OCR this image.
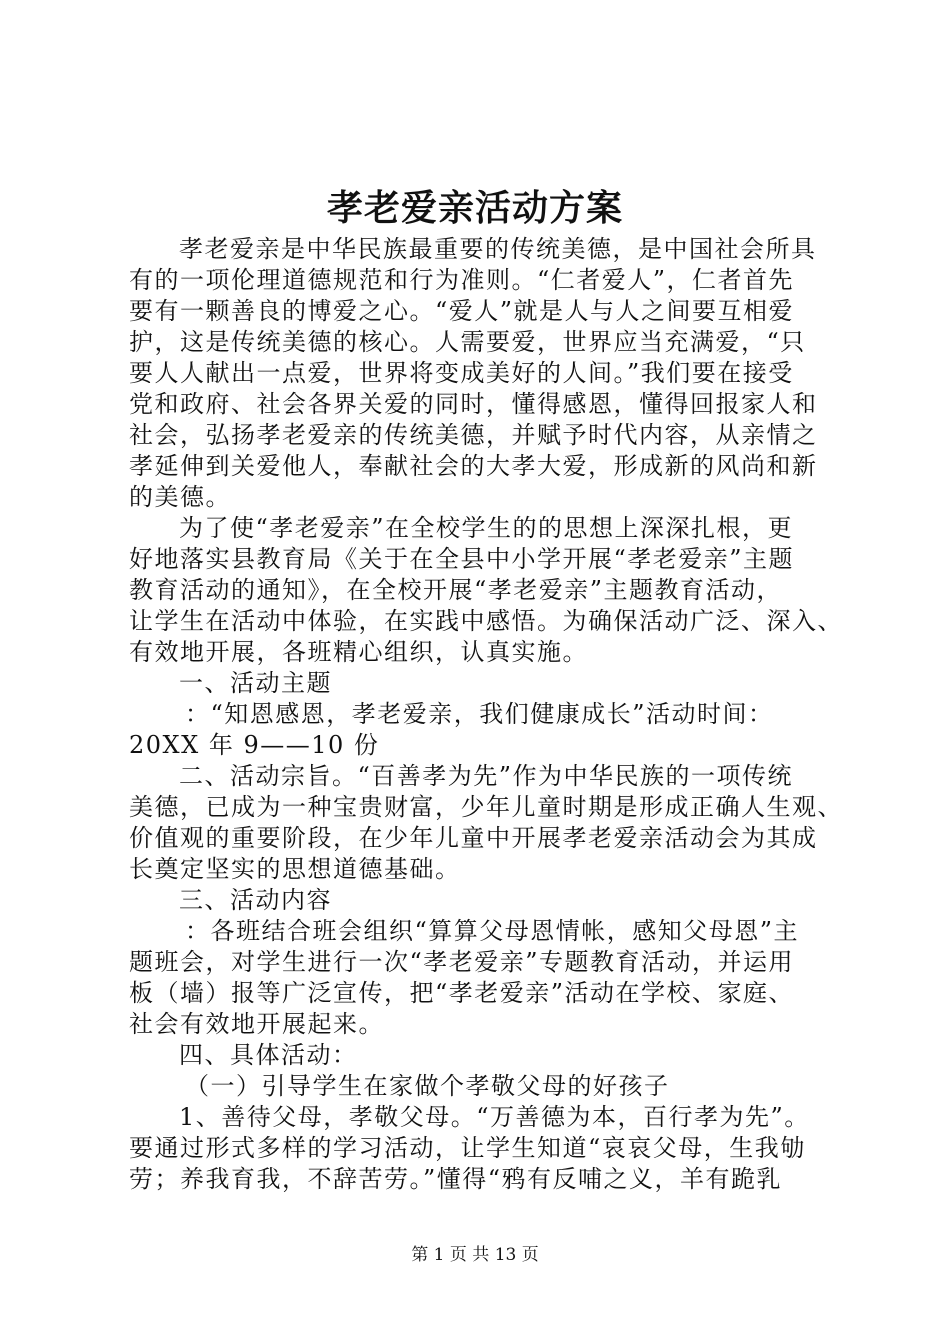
孝老爱亲活动方案
孝老爱亲是中华民族最重要的传统美德，是中国社会所具
有的一项伦理道德规范和行为准则。“仁者爱人”，仁者首先
要有一颗善良的博爱之心。“爱人”就是人与人之间要互相爱
护，这是传统美德的核心。人需要爱，世界应当充满爱，“只
要人人献出一点爱，世界将变成美好的人间。”我们要在接受
党和政府、社会各界关爱的同时，懂得感恩，懂得回报家人和
社会，弘扬孝老爱亲的传统美德，并赋予时代内容，从亲情之
孝延伸到关爱他人，奉献社会的大孝大爱，形成新的风尚和新
的美德。
为了使“孝老爱亲”在全校学生的的思想上深深扎根，更
好地落实县教育局《关于在全县中小学开展“孝老爱亲”主题
教育活动的通知》，在全校开展“孝老爱亲”主题教育活动，
让学生在活动中体验，在实践中感悟。为确保活动广泛、深入、
有效地开展，各班精心组织，认真实施。
一、活动主题
：“知恩感恩，孝老爱亲，我们健康成长”活动时间：
20XX 年 9——10 份
二、活动宗旨。“百善孝为先”作为中华民族的一项传统
美德，已成为一种宝贵财富，少年儿童时期是形成正确人生观、
价值观的重要阶段，在少年儿童中开展孝老爱亲活动会为其成
长奠定坚实的思想道德基础。
三、活动内容
：各班结合班会组织“算算父母恩情帐，感知父母恩”主
题班会，对学生进行一次“孝老爱亲”专题教育活动，并运用
板（墙）报等广泛宣传，把“孝老爱亲”活动在学校、家庭、
社会有效地开展起来。
四、具体活动：
（一）引导学生在家做个孝敬父母的好孩子
1、善待父母，孝敬父母。“万善德为本，百行孝为先”。
要通过形式多样的学习活动，让学生知道“哀哀父母，生我劬
劳；养我育我，不辞苦劳。”懂得“鸦有反哺之义，羊有跪乳
第 1 页 共 13 页
